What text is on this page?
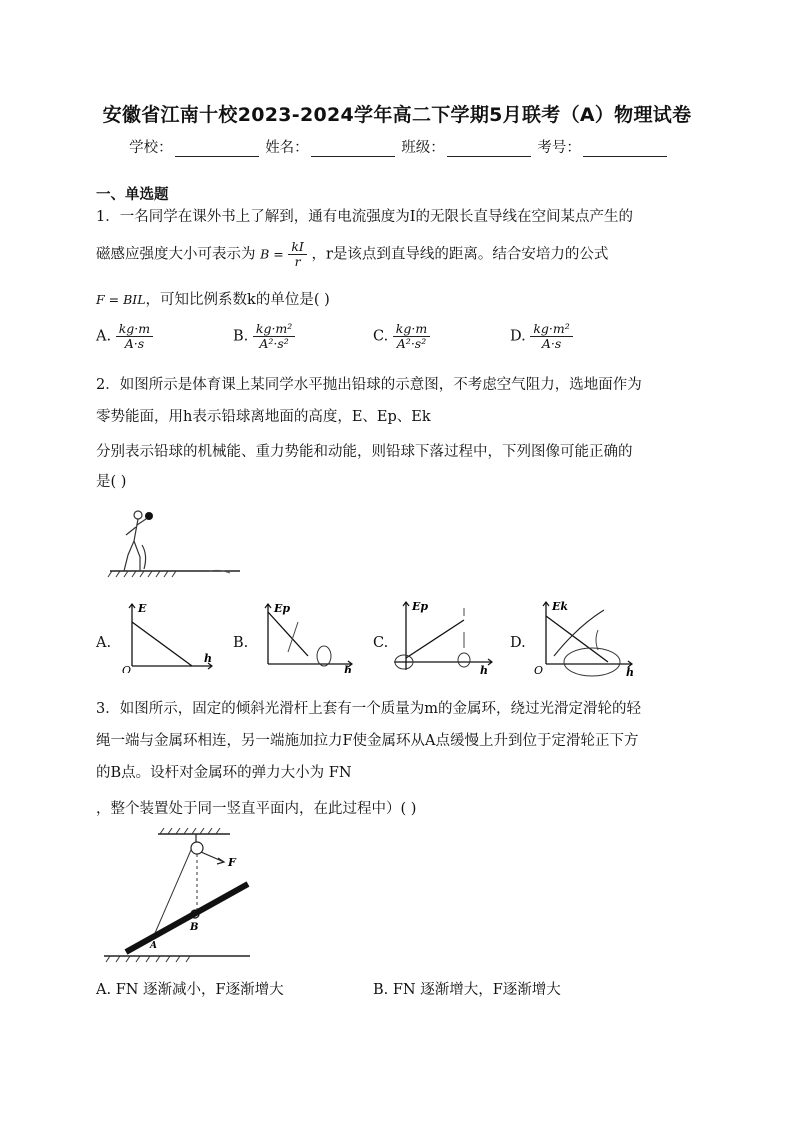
安徽省江南十校2023-2024学年高二下学期5月联考（A）物理试卷
学校：	姓名：	班级：	考号：
一、单选题
1．一名同学在课外书上了解到，通有电流强度为I的无限长直导线在空间某点产生的
磁感应强度大小可表示为 $B = \frac{kI}{r}$ ，r是该点到直导线的距离。结合安培力的公式
F = BIL，可知比例系数k的单位是( )
A. $\frac{kg\cdot m}{A\cdot s}$	B. $\frac{\text{kg·m²}}{\text{A²·s²}}$	C. $\frac{kg\cdot m}{\text{A²·s²}}$	D. $\frac{\text{kg·m²}}{A\cdot s}$
2．如图所示是体育课上某同学水平抛出铅球的示意图，不考虑空气阻力，选地面作为
零势能面，用h表示铅球离地面的高度，E、Ep、Ek
分别表示铅球的机械能、重力势能和动能，则铅球下落过程中，下列图像可能正确的
是( )
A.
E
O
h
B.
Ep
h
C.
Ep
h
D.
Ek
O	h
3．如图所示，固定的倾斜光滑杆上套有一个质量为m的金属环，绕过光滑定滑轮的轻
绳一端与金属环相连，另一端施加拉力F使金属环从A点缓慢上升到位于定滑轮正下方
的B点。设杆对金属环的弹力大小为 FN
，整个装置处于同一竖直平面内，在此过程中）( )
F
B
A
A. FN 逐渐减小，F逐渐增大	B. FN 逐渐增大，F逐渐增大
